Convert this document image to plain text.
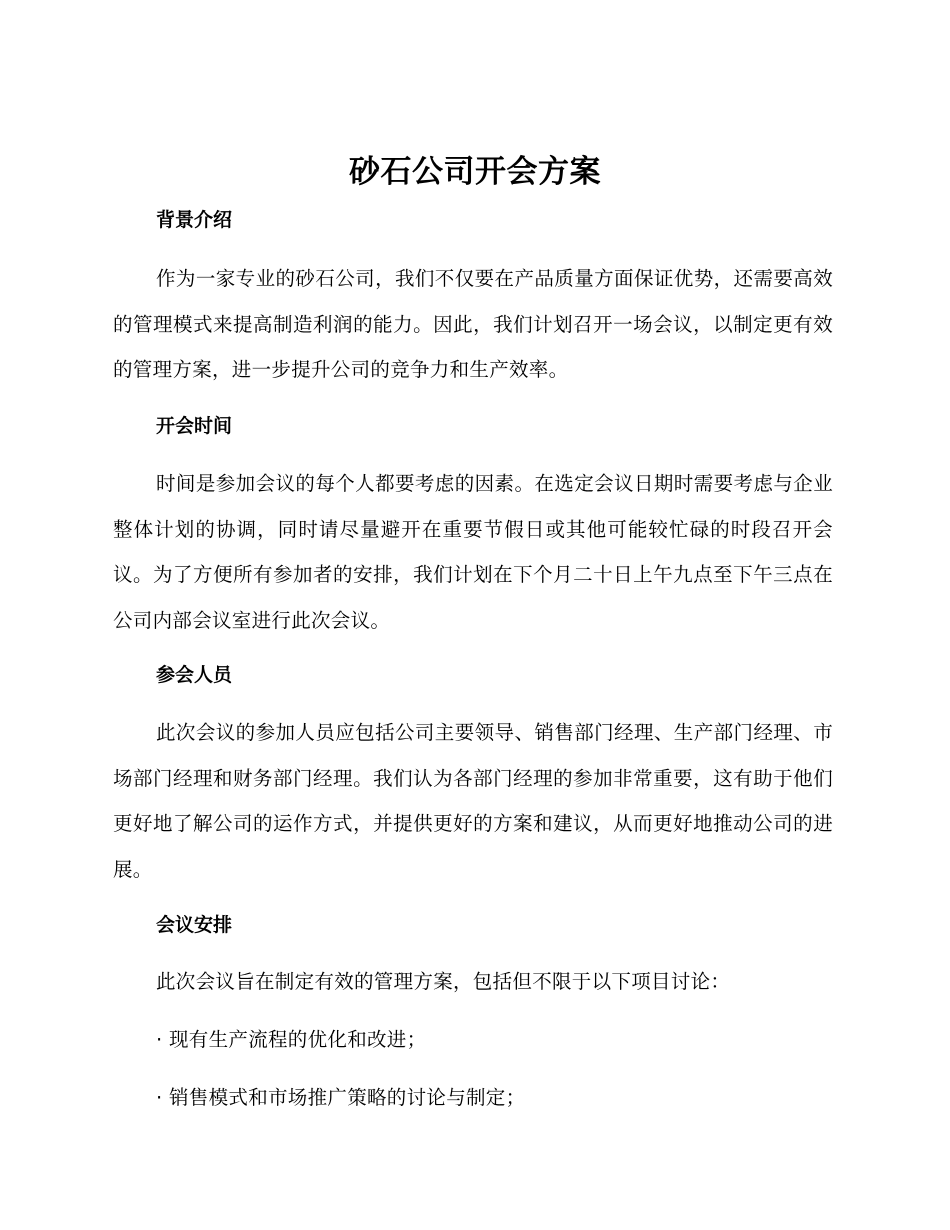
砂石公司开会方案
背景介绍

作为一家专业的砂石公司，我们不仅要在产品质量方面保证优势，还需要高效的管理模式来提高制造利润的能力。因此，我们计划召开一场会议，以制定更有效的管理方案，进一步提升公司的竞争力和生产效率。

开会时间

时间是参加会议的每个人都要考虑的因素。在选定会议日期时需要考虑与企业整体计划的协调，同时请尽量避开在重要节假日或其他可能较忙碌的时段召开会议。为了方便所有参加者的安排，我们计划在下个月二十日上午九点至下午三点在公司内部会议室进行此次会议。

参会人员

此次会议的参加人员应包括公司主要领导、销售部门经理、生产部门经理、市场部门经理和财务部门经理。我们认为各部门经理的参加非常重要，这有助于他们更好地了解公司的运作方式，并提供更好的方案和建议，从而更好地推动公司的进展。

会议安排

此次会议旨在制定有效的管理方案，包括但不限于以下项目讨论：

· 现有生产流程的优化和改进；
· 销售模式和市场推广策略的讨论与制定；
